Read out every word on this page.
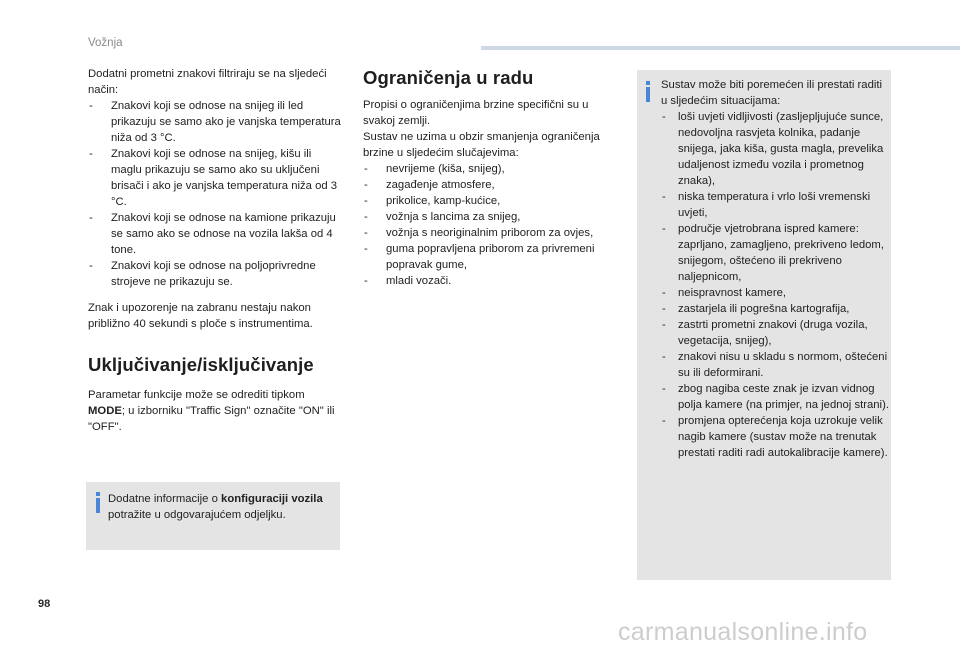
Vožnja

Dodatni prometni znakovi filtriraju se na sljedeći način:

- Znakovi koji se odnose na snijeg ili led prikazuju se samo ako je vanjska temperatura niža od 3 °C.
- Znakovi koji se odnose na snijeg, kišu ili maglu prikazuju se samo ako su uključeni brisači i ako je vanjska temperatura niža od 3 °C.
- Znakovi koji se odnose na kamione prikazuju se samo ako se odnose na vozila lakša od 4 tone.
- Znakovi koji se odnose na poljoprivredne strojeve ne prikazuju se.

Znak i upozorenje na zabranu nestaju nakon približno 40 sekundi s ploče s instrumentima.

Uključivanje/isključivanje

Parametar funkcije može se odrediti tipkom MODE; u izborniku "Traffic Sign" označite "ON" ili "OFF".

Dodatne informacije o konfiguraciji vozila potražite u odgovarajućem odjeljku.
Ograničenja u radu

Propisi o ograničenjima brzine specifični su u svakoj zemlji.

Sustav ne uzima u obzir smanjenja ograničenja brzine u sljedećim slučajevima:

- nevrijeme (kiša, snijeg),
- zagađenje atmosfere,
- prikolice, kamp-kućice,
- vožnja s lancima za snijeg,
- vožnja s neoriginalnim priborom za ovjes,
- guma popravljena priborom za privremeni popravak gume,
- mladi vozači.

Sustav može biti poremećen ili prestati raditi u sljedećim situacijama:

- loši uvjeti vidljivosti (zasljepljujuće sunce, nedovoljna rasvjeta kolnika, padanje snijega, jaka kiša, gusta magla, prevelika udaljenost između vozila i prometnog znaka),
- niska temperatura i vrlo loši vremenski uvjeti,
- područje vjetrobrana ispred kamere: zaprljano, zamagljeno, prekriveno ledom, snijegom, oštećeno ili prekriveno naljepnicom,
- neispravnost kamere,
- zastarjela ili pogrešna kartografija,
- zastrti prometni znakovi (druga vozila, vegetacija, snijeg),
- znakovi nisu u skladu s normom, oštećeni su ili deformirani.
- zbog nagiba ceste znak je izvan vidnog polja kamere (na primjer, na jednoj strani).
- promjena opterećenja koja uzrokuje velik nagib kamere (sustav može na trenutak prestati raditi radi autokalibracije kamere).
98
carmanualsonline.info
